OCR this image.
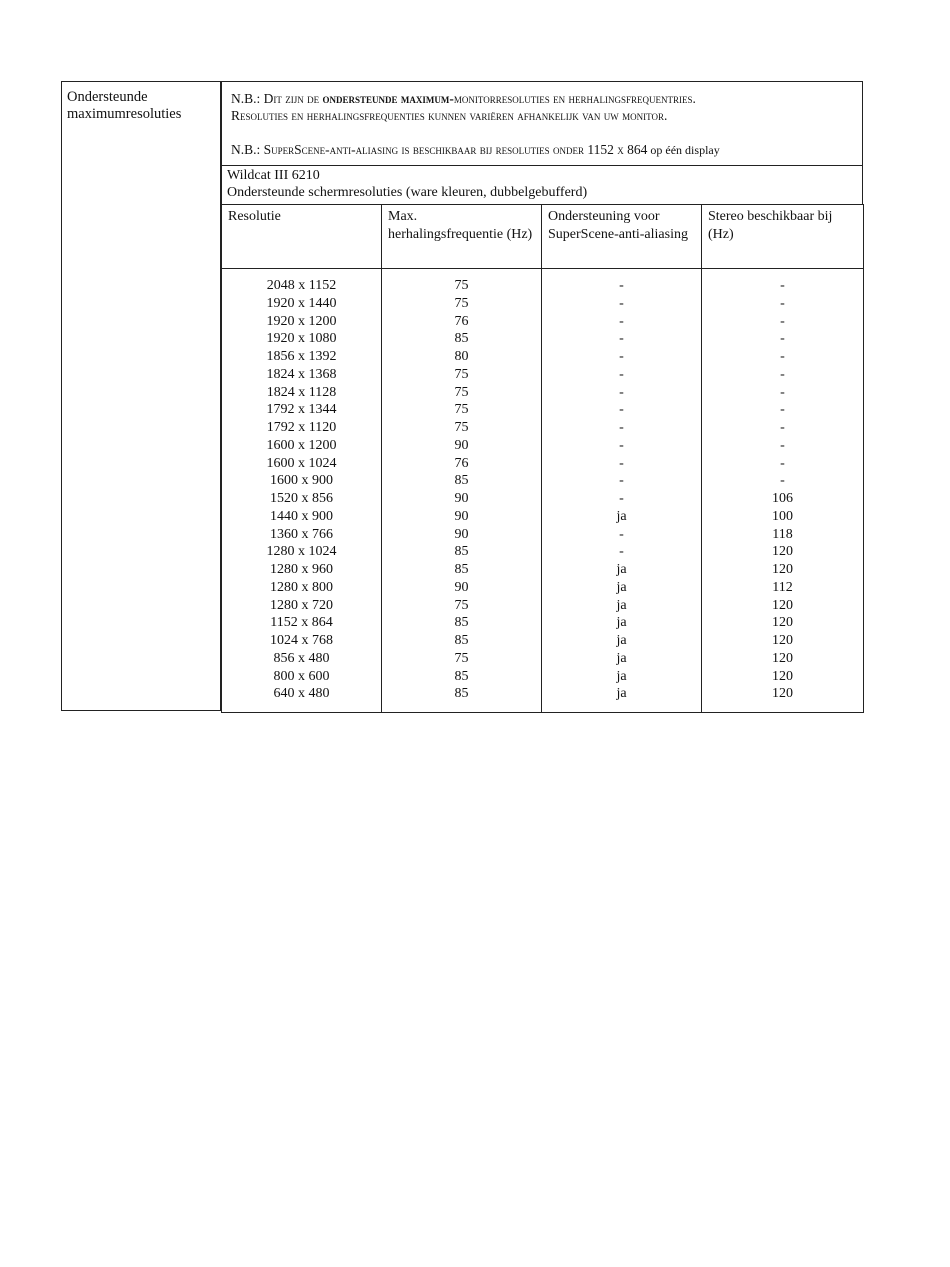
Ondersteunde maximumresoluties
N.B.: Dit zijn de ondersteunde maximum-monitorresoluties en herhalingsfrequentries.
Resoluties en herhalingsfrequenties kunnen variëren afhankelijk van uw monitor.
N.B.: SuperScene-anti-aliasing is beschikbaar bij resoluties onder 1152 x 864 op één display
Wildcat III 6210
Ondersteunde schermresoluties (ware kleuren, dubbelgebufferd)
Resolutie	Max. herhalingsfrequentie (Hz)	Ondersteuning voor SuperScene-anti-aliasing	Stereo beschikbaar bij (Hz)
2048 x 1152	75	-	-
1920 x 1440	75	-	-
1920 x 1200	76	-	-
1920 x 1080	85	-	-
1856 x 1392	80	-	-
1824 x 1368	75	-	-
1824 x 1128	75	-	-
1792 x 1344	75	-	-
1792 x 1120	75	-	-
1600 x 1200	90	-	-
1600 x 1024	76	-	-
1600 x 900	85	-	-
1520 x 856	90	-	106
1440 x 900	90	ja	100
1360 x 766	90	-	118
1280 x 1024	85	-	120
1280 x 960	85	ja	120
1280 x 800	90	ja	112
1280 x 720	75	ja	120
1152 x 864	85	ja	120
1024 x 768	85	ja	120
856 x 480	75	ja	120
800 x 600	85	ja	120
640 x 480	85	ja	120
